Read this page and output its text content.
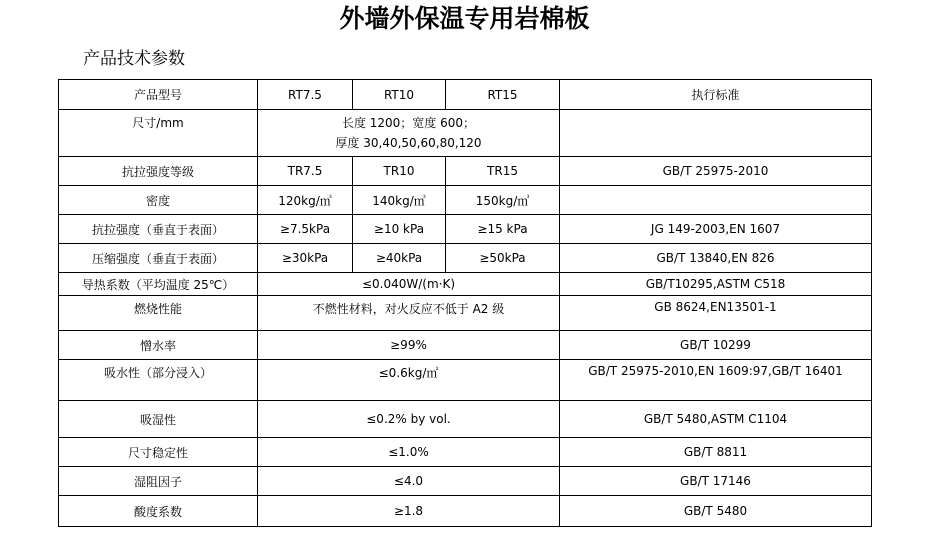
外墙外保温专用岩棉板
产品技术参数
产品型号	RT7.5	RT10	RT15	执行标准
尺寸/mm	长度 1200；宽度 600；
厚度 30,40,50,60,80,120			

抗拉强度等级	TR7.5	TR10	TR15	GB/T 25975-2010
密度	120kg/㎥	140kg/㎥	150kg/㎥	
抗拉强度（垂直于表面）	≥7.5kPa	≥10 kPa	≥15 kPa	JG 149-2003,EN 1607
压缩强度（垂直于表面）	≥30kPa	≥40kPa	≥50kPa	GB/T 13840,EN 826
导热系数（平均温度 25℃）	≤0.040W/(m·K)			GB/T10295,ASTM C518
燃烧性能	不燃性材料，对火反应不低于 A2 级			GB 8624,EN13501-1
憎水率	≥99%			GB/T 10299
吸水性（部分浸入）	≤0.6kg/㎡			GB/T 25975-2010,EN 1609:97,GB/T 16401
吸湿性	≤0.2% by vol.			GB/T 5480,ASTM C1104
尺寸稳定性	≤1.0%			GB/T 8811
湿阻因子	≤4.0			GB/T 17146
酸度系数	≥1.8			GB/T 5480
